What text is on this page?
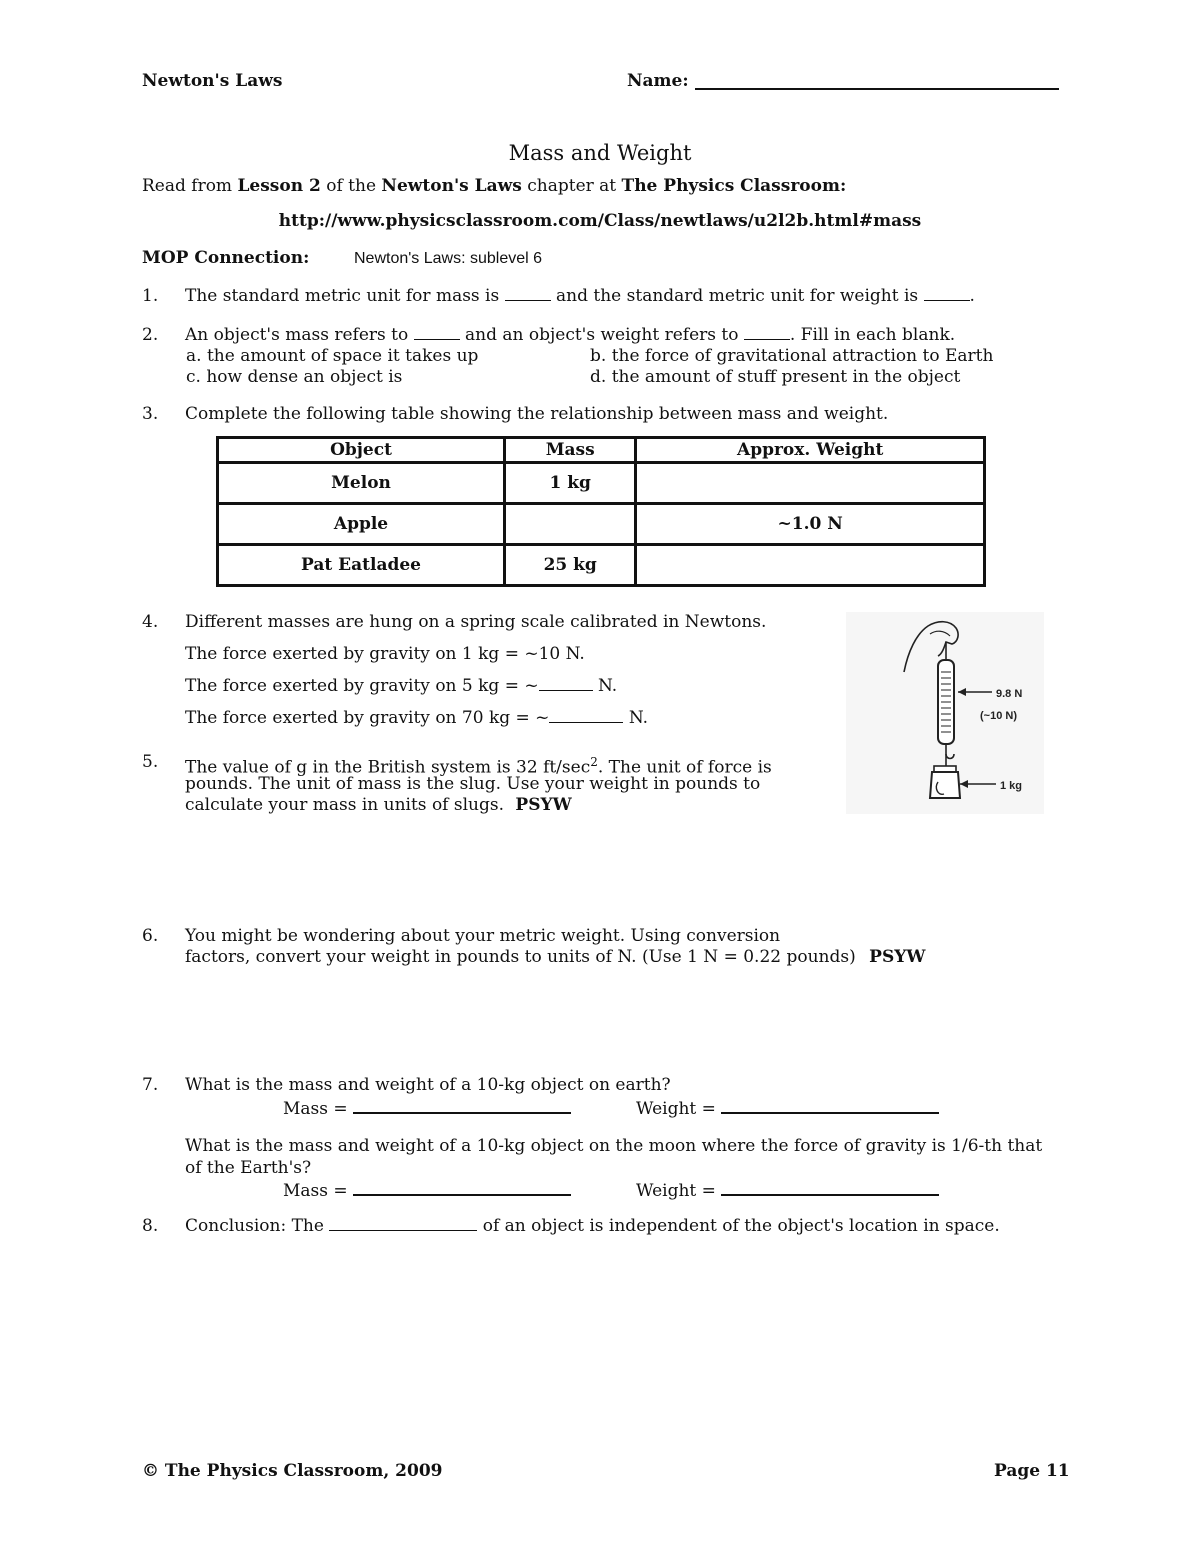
Newton's Laws	Name:
Mass and Weight
Read from Lesson 2 of the Newton's Laws chapter at The Physics Classroom:
http://www.physicsclassroom.com/Class/newtlaws/u2l2b.html#mass
MOP Connection:	Newton's Laws: sublevel 6
1. The standard metric unit for mass is	and the standard metric unit for weight is	.
2. An object's mass refers to	and an object's weight refers to	. Fill in each blank.
a. the amount of space it takes up	b. the force of gravitational attraction to Earth
c. how dense an object is	d. the amount of stuff present in the object
3. Complete the following table showing the relationship between mass and weight.
Object	Mass	Approx. Weight
Melon	1 kg	
Apple		~1.0 N
Pat Eatladee	25 kg	
4. Different masses are hung on a spring scale calibrated in Newtons.
The force exerted by gravity on 1 kg = ~10 N.
The force exerted by gravity on 5 kg = ~	N.
The force exerted by gravity on 70 kg = ~	N.
9.8 N
(~10 N)
1 kg
5. The value of g in the British system is 32 $ft/\sec^2$. The unit of force is
pounds. The unit of mass is the slug. Use your weight in pounds to
calculate your mass in units of slugs. PSYW
6. You might be wondering about your metric weight. Using conversion
factors, convert your weight in pounds to units of N. (Use 1 N = 0.22 pounds) PSYW
7. What is the mass and weight of a 10-kg object on earth?
Mass =	Weight =
What is the mass and weight of a 10-kg object on the moon where the force of gravity is 1/6-th that
of the Earth's?
Mass =	Weight =
8. Conclusion: The	of an object is independent of the object's location in space.
© The Physics Classroom, 2009	Page 11
